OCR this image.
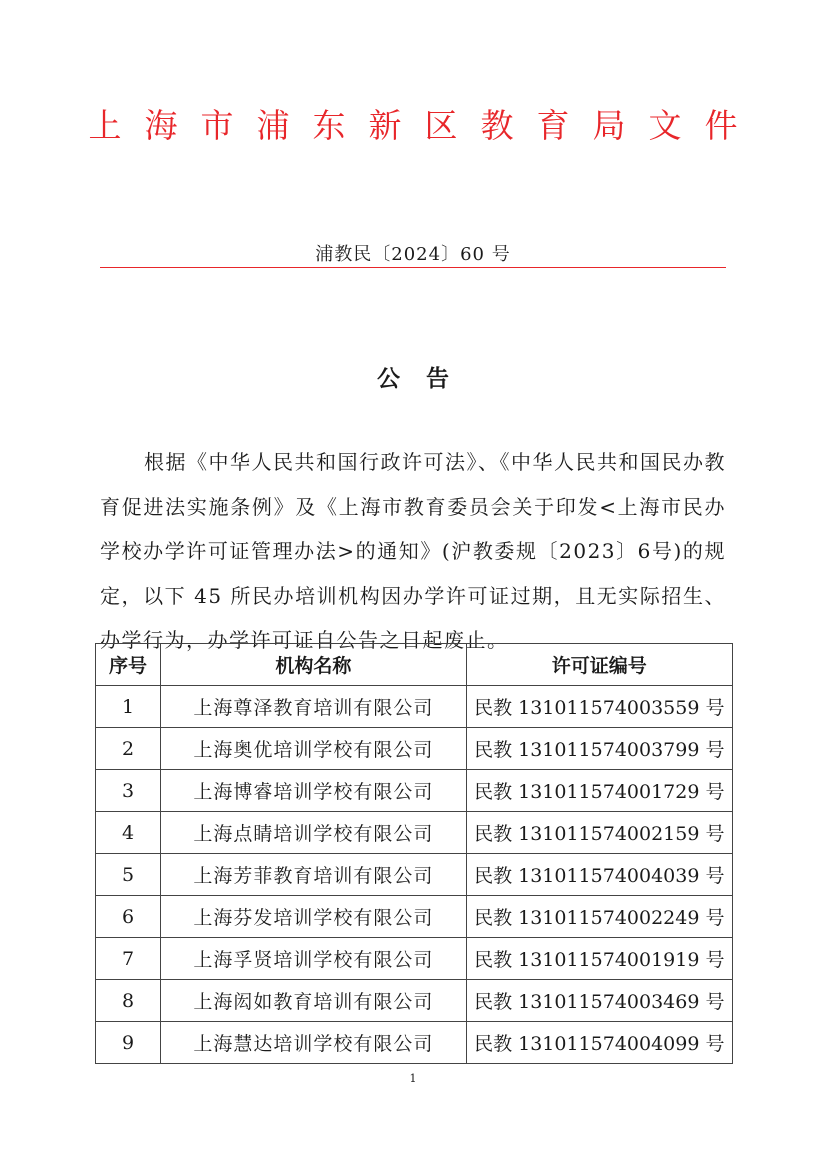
上海市浦东新区教育局文件
浦教民〔2024〕60 号
公告
根据《中华人民共和国行政许可法》、《中华人民共和国民办教育促进法实施条例》及《上海市教育委员会关于印发<上海市民办学校办学许可证管理办法>的通知》(沪教委规〔2023〕6号)的规定，以下 45 所民办培训机构因办学许可证过期，且无实际招生、办学行为，办学许可证自公告之日起废止。
序号	机构名称	许可证编号
1	上海尊泽教育培训有限公司	民教 131011574003559 号
2	上海奥优培训学校有限公司	民教 131011574003799 号
3	上海博睿培训学校有限公司	民教 131011574001729 号
4	上海点睛培训学校有限公司	民教 131011574002159 号
5	上海芳菲教育培训有限公司	民教 131011574004039 号
6	上海芬发培训学校有限公司	民教 131011574002249 号
7	上海孚贤培训学校有限公司	民教 131011574001919 号
8	上海闳如教育培训有限公司	民教 131011574003469 号
9	上海慧达培训学校有限公司	民教 131011574004099 号
1
